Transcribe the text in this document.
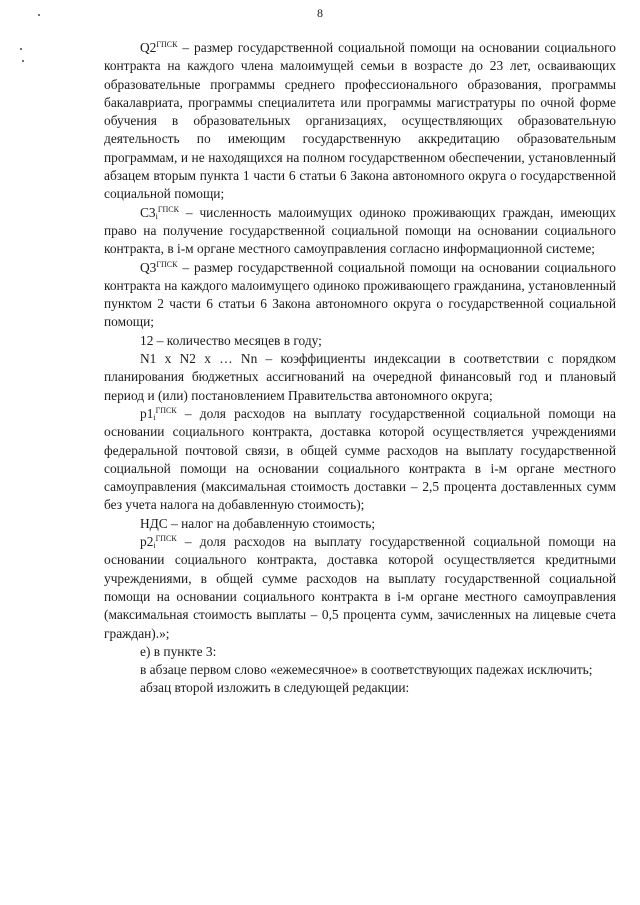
8

$Q2^{ГПСК}$ – размер государственной социальной помощи на основании социального контракта на каждого члена малоимущей семьи в возрасте до 23 лет, осваивающих образовательные программы среднего профессионального образования, программы бакалавриата, программы специалитета или программы магистратуры по очной форме обучения в образовательных организациях, осуществляющих образовательную деятельность по имеющим государственную аккредитацию образовательным программам, и не находящихся на полном государственном обеспечении, установленный абзацем вторым пункта 1 части 6 статьи 6 Закона автономного округа о государственной социальной помощи;

$C3_i^{ГПСК}$ – численность малоимущих одиноко проживающих граждан, имеющих право на получение государственной социальной помощи на основании социального контракта, в i-м органе местного самоуправления согласно информационной системе;

$Q3^{ГПСК}$ – размер государственной социальной помощи на основании социального контракта на каждого малоимущего одиноко проживающего гражданина, установленный пунктом 2 части 6 статьи 6 Закона автономного округа о государственной социальной помощи;

12 – количество месяцев в году;

N1 x N2 x … Nn – коэффициенты индексации в соответствии с порядком планирования бюджетных ассигнований на очередной финансовый год и плановый период и (или) постановлением Правительства автономного округа;

$p1_i^{ГПСК}$ – доля расходов на выплату государственной социальной помощи на основании социального контракта, доставка которой осуществляется учреждениями федеральной почтовой связи, в общей сумме расходов на выплату государственной социальной помощи на основании социального контракта в i-м органе местного самоуправления (максимальная стоимость доставки – 2,5 процента доставленных сумм без учета налога на добавленную стоимость);

НДС – налог на добавленную стоимость;

$p2_i^{ГПСК}$ – доля расходов на выплату государственной социальной помощи на основании социального контракта, доставка которой осуществляется кредитными учреждениями, в общей сумме расходов на выплату государственной социальной помощи на основании социального контракта в i-м органе местного самоуправления (максимальная стоимость выплаты – 0,5 процента сумм, зачисленных на лицевые счета граждан).»;

е) в пункте 3:

в абзаце первом слово «ежемесячное» в соответствующих падежах исключить;

абзац второй изложить в следующей редакции:
